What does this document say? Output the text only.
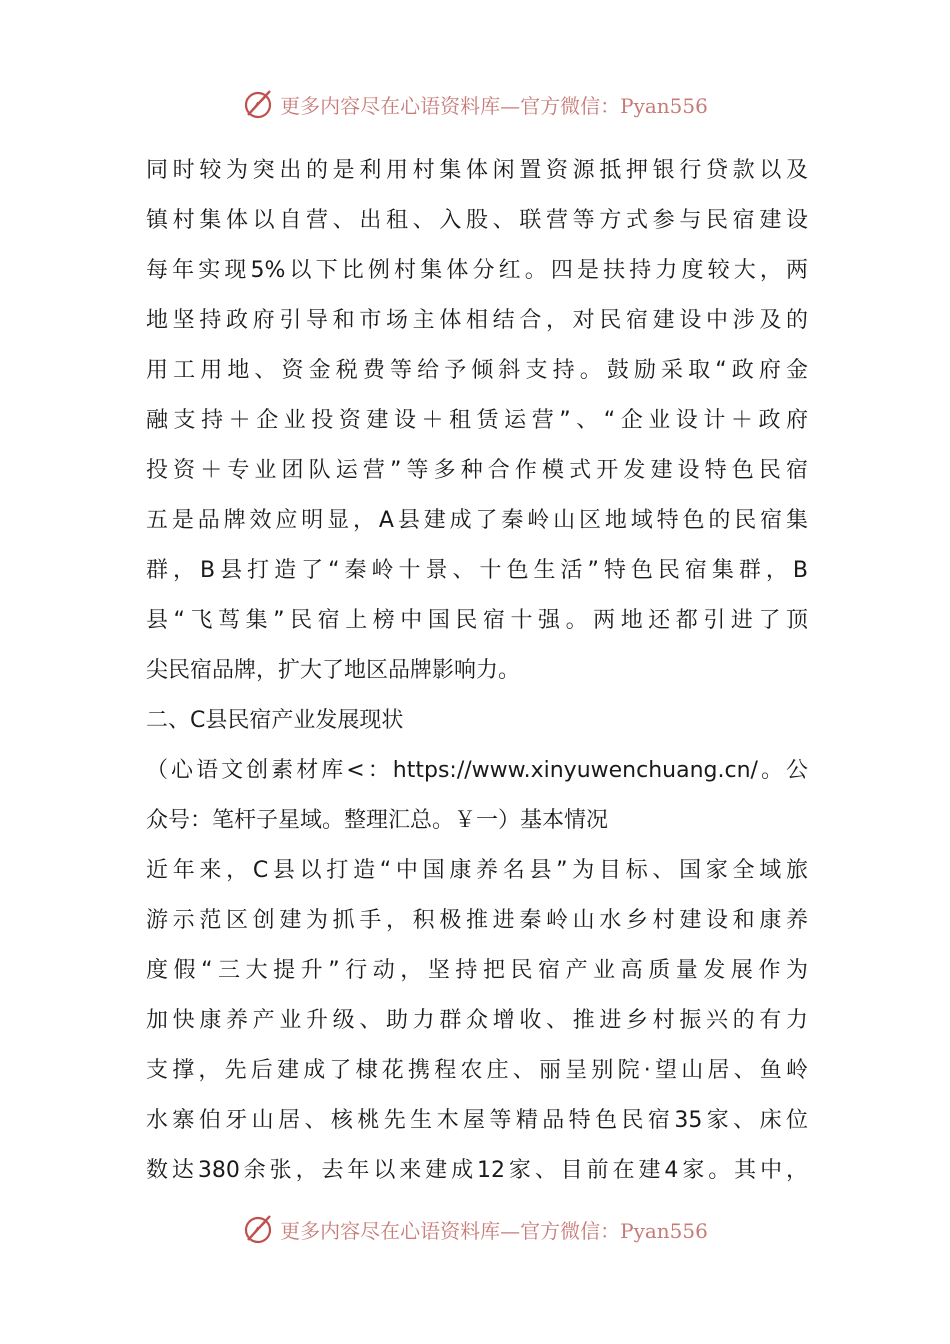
更多内容尽在心语资料库—官方微信：Pyan556
同时较为突出的是利用村集体闲置资源抵押银行贷款以及
镇村集体以自营、出租、入股、联营等方式参与民宿建设
每年实现5%以下比例村集体分红。四是扶持力度较大，两
地坚持政府引导和市场主体相结合，对民宿建设中涉及的
用工用地、资金税费等给予倾斜支持。鼓励采取“政府金
融支持＋企业投资建设＋租赁运营”、“企业设计＋政府
投资＋专业团队运营”等多种合作模式开发建设特色民宿
五是品牌效应明显，A县建成了秦岭山区地域特色的民宿集
群，B县打造了“秦岭十景、十色生活”特色民宿集群，B
县“飞茑集”民宿上榜中国民宿十强。两地还都引进了顶
尖民宿品牌，扩大了地区品牌影响力。
二、C县民宿产业发展现状
（心语文创素材库<：https://www.xinyuwenchuang.cn/。公
众号：笔杆子星域。整理汇总。￥一）基本情况
近年来，C县以打造“中国康养名县”为目标、国家全域旅
游示范区创建为抓手，积极推进秦岭山水乡村建设和康养
度假“三大提升”行动，坚持把民宿产业高质量发展作为
加快康养产业升级、助力群众增收、推进乡村振兴的有力
支撑，先后建成了棣花携程农庄、丽呈别院·望山居、鱼岭
水寨伯牙山居、核桃先生木屋等精品特色民宿35家、床位
数达380余张，去年以来建成12家、目前在建4家。其中，
更多内容尽在心语资料库—官方微信：Pyan556
